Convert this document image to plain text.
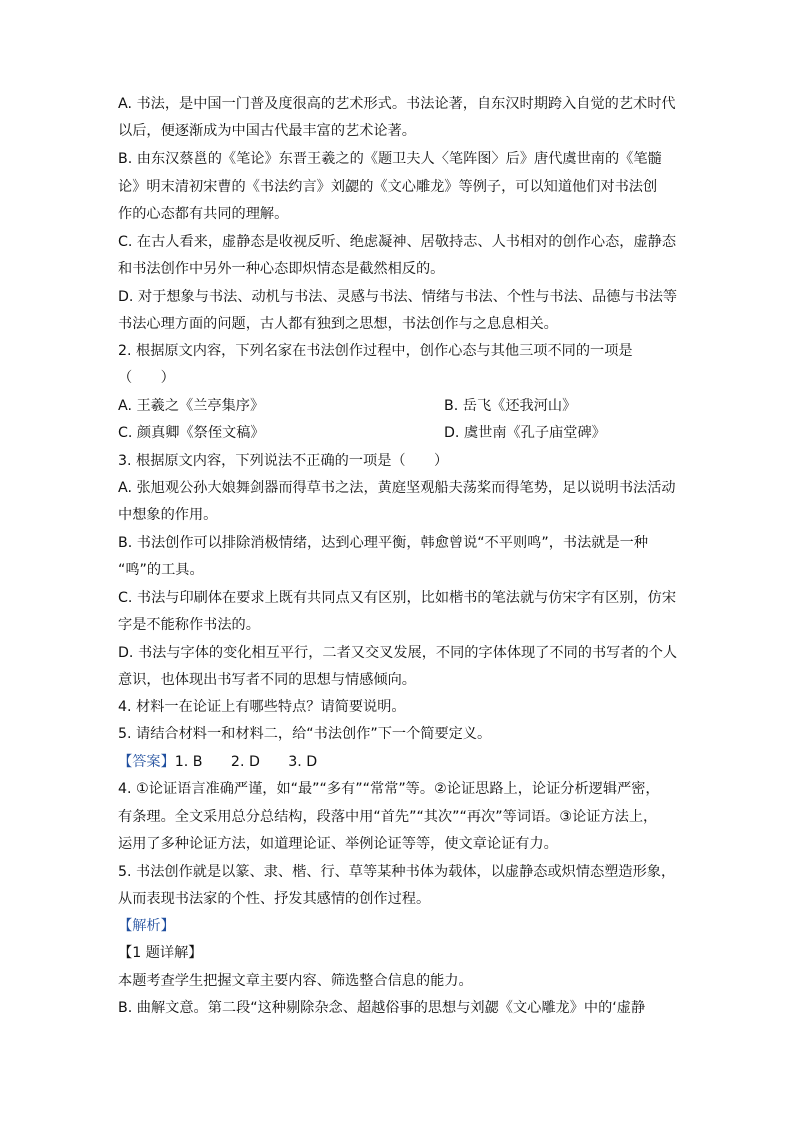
A. 书法，是中国一门普及度很高的艺术形式。书法论著，自东汉时期跨入自觉的艺术时代
以后，便逐渐成为中国古代最丰富的艺术论著。
B. 由东汉蔡邕的《笔论》东晋王羲之的《题卫夫人〈笔阵图〉后》唐代虞世南的《笔髓
论》明末清初宋曹的《书法约言》刘勰的《文心雕龙》等例子，可以知道他们对书法创
作的心态都有共同的理解。
C. 在古人看来，虚静态是收视反听、绝虑凝神、居敬持志、人书相对的创作心态，虚静态
和书法创作中另外一种心态即炽情态是截然相反的。
D. 对于想象与书法、动机与书法、灵感与书法、情绪与书法、个性与书法、品德与书法等
书法心理方面的问题，古人都有独到之思想，书法创作与之息息相关。
2. 根据原文内容，下列名家在书法创作过程中，创作心态与其他三项不同的一项是
（　　）
A. 王羲之《兰亭集序》	B. 岳飞《还我河山》
C. 颜真卿《祭侄文稿》	D. 虞世南《孔子庙堂碑》
3. 根据原文内容，下列说法不正确的一项是（　　）
A. 张旭观公孙大娘舞剑器而得草书之法，黄庭坚观船夫荡桨而得笔势，足以说明书法活动
中想象的作用。
B. 书法创作可以排除消极情绪，达到心理平衡，韩愈曾说“不平则鸣”，书法就是一种
“鸣”的工具。
C. 书法与印刷体在要求上既有共同点又有区别，比如楷书的笔法就与仿宋字有区别，仿宋
字是不能称作书法的。
D. 书法与字体的变化相互平行，二者又交叉发展，不同的字体体现了不同的书写者的个人
意识，也体现出书写者不同的思想与情感倾向。
4. 材料一在论证上有哪些特点？请简要说明。
5. 请结合材料一和材料二，给“书法创作”下一个简要定义。
【答案】1. B　　2. D　　3. D
4. ①论证语言准确严谨，如“最”“多有”“常常”等。②论证思路上，论证分析逻辑严密，
有条理。全文采用总分总结构，段落中用“首先”“其次”“再次”等词语。③论证方法上，
运用了多种论证方法，如道理论证、举例论证等等，使文章论证有力。
5. 书法创作就是以篆、隶、楷、行、草等某种书体为载体，以虚静态或炽情态塑造形象，
从而表现书法家的个性、抒发其感情的创作过程。
【解析】
【1 题详解】
本题考查学生把握文章主要内容、筛选整合信息的能力。
B. 曲解文意。第二段“这种剔除杂念、超越俗事的思想与刘勰《文心雕龙》中的‘虚静
